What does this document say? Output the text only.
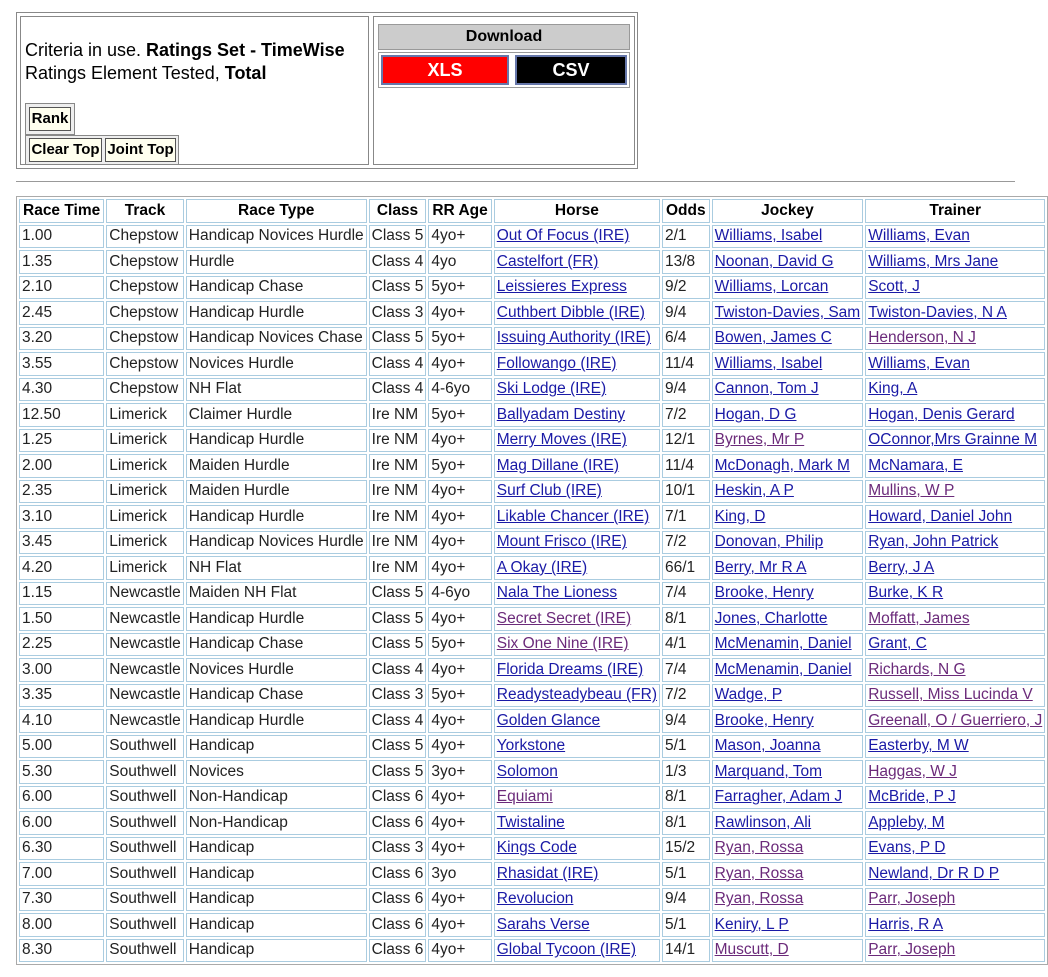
Criteria in use. Ratings Set - TimeWise
Ratings Element Tested, Total
Rank
Clear Top Joint Top
Download
XLS	CSV
Race Time	Track	Race Type	Class	RR Age	Horse	Odds	Jockey	Trainer
1.00	Chepstow	Handicap Novices Hurdle	Class 5	4yo+	Out Of Focus (IRE)	2/1	Williams, Isabel	Williams, Evan
1.35	Chepstow	Hurdle	Class 4	4yo	Castelfort (FR)	13/8	Noonan, David G	Williams, Mrs Jane
2.10	Chepstow	Handicap Chase	Class 5	5yo+	Leissieres Express	9/2	Williams, Lorcan	Scott, J
2.45	Chepstow	Handicap Hurdle	Class 3	4yo+	Cuthbert Dibble (IRE)	9/4	Twiston-Davies, Sam	Twiston-Davies, N A
3.20	Chepstow	Handicap Novices Chase	Class 5	5yo+	Issuing Authority (IRE)	6/4	Bowen, James C	Henderson, N J
3.55	Chepstow	Novices Hurdle	Class 4	4yo+	Followango (IRE)	11/4	Williams, Isabel	Williams, Evan
4.30	Chepstow	NH Flat	Class 4	4-6yo	Ski Lodge (IRE)	9/4	Cannon, Tom J	King, A
12.50	Limerick	Claimer Hurdle	Ire NM	5yo+	Ballyadam Destiny	7/2	Hogan, D G	Hogan, Denis Gerard
1.25	Limerick	Handicap Hurdle	Ire NM	4yo+	Merry Moves (IRE)	12/1	Byrnes, Mr P	OConnor,Mrs Grainne M
2.00	Limerick	Maiden Hurdle	Ire NM	5yo+	Mag Dillane (IRE)	11/4	McDonagh, Mark M	McNamara, E
2.35	Limerick	Maiden Hurdle	Ire NM	4yo+	Surf Club (IRE)	10/1	Heskin, A P	Mullins, W P
3.10	Limerick	Handicap Hurdle	Ire NM	4yo+	Likable Chancer (IRE)	7/1	King, D	Howard, Daniel John
3.45	Limerick	Handicap Novices Hurdle	Ire NM	4yo+	Mount Frisco (IRE)	7/2	Donovan, Philip	Ryan, John Patrick
4.20	Limerick	NH Flat	Ire NM	4yo+	A Okay (IRE)	66/1	Berry, Mr R A	Berry, J A
1.15	Newcastle	Maiden NH Flat	Class 5	4-6yo	Nala The Lioness	7/4	Brooke, Henry	Burke, K R
1.50	Newcastle	Handicap Hurdle	Class 5	4yo+	Secret Secret (IRE)	8/1	Jones, Charlotte	Moffatt, James
2.25	Newcastle	Handicap Chase	Class 5	5yo+	Six One Nine (IRE)	4/1	McMenamin, Daniel	Grant, C
3.00	Newcastle	Novices Hurdle	Class 4	4yo+	Florida Dreams (IRE)	7/4	McMenamin, Daniel	Richards, N G
3.35	Newcastle	Handicap Chase	Class 3	5yo+	Readysteadybeau (FR)	7/2	Wadge, P	Russell, Miss Lucinda V
4.10	Newcastle	Handicap Hurdle	Class 4	4yo+	Golden Glance	9/4	Brooke, Henry	Greenall, O / Guerriero, J
5.00	Southwell	Handicap	Class 5	4yo+	Yorkstone	5/1	Mason, Joanna	Easterby, M W
5.30	Southwell	Novices	Class 5	3yo+	Solomon	1/3	Marquand, Tom	Haggas, W J
6.00	Southwell	Non-Handicap	Class 6	4yo+	Equiami	8/1	Farragher, Adam J	McBride, P J
6.00	Southwell	Non-Handicap	Class 6	4yo+	Twistaline	8/1	Rawlinson, Ali	Appleby, M
6.30	Southwell	Handicap	Class 3	4yo+	Kings Code	15/2	Ryan, Rossa	Evans, P D
7.00	Southwell	Handicap	Class 6	3yo	Rhasidat (IRE)	5/1	Ryan, Rossa	Newland, Dr R D P
7.30	Southwell	Handicap	Class 6	4yo+	Revolucion	9/4	Ryan, Rossa	Parr, Joseph
8.00	Southwell	Handicap	Class 6	4yo+	Sarahs Verse	5/1	Keniry, L P	Harris, R A
8.30	Southwell	Handicap	Class 6	4yo+	Global Tycoon (IRE)	14/1	Muscutt, D	Parr, Joseph
